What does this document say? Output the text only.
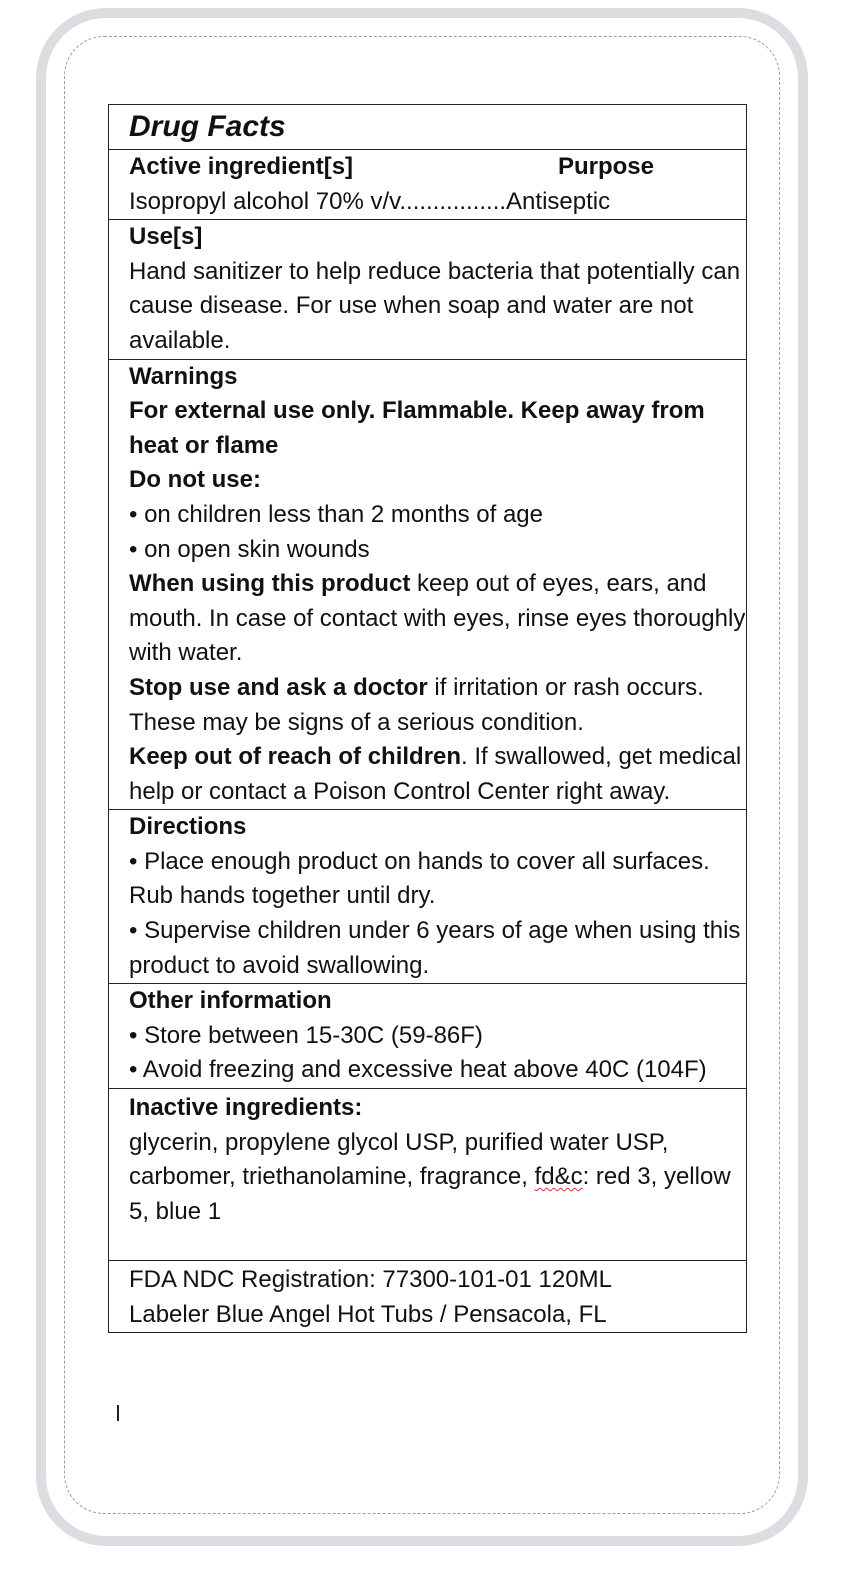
Drug Facts
Active ingredient[s]	Purpose
Isopropyl alcohol 70% v/v................Antiseptic
Use[s]
Hand sanitizer to help reduce bacteria that potentially can cause disease. For use when soap and water are not available.
Warnings
For external use only. Flammable. Keep away from heat or flame
Do not use:
• on children less than 2 months of age
• on open skin wounds
When using this product keep out of eyes, ears, and mouth. In case of contact with eyes, rinse eyes thoroughly with water.
Stop use and ask a doctor if irritation or rash occurs. These may be signs of a serious condition.
Keep out of reach of children. If swallowed, get medical help or contact a Poison Control Center right away.
Directions
• Place enough product on hands to cover all surfaces. Rub hands together until dry.
• Supervise children under 6 years of age when using this product to avoid swallowing.
Other information
• Store between 15-30C (59-86F)
• Avoid freezing and excessive heat above 40C (104F)
Inactive ingredients:
glycerin, propylene glycol USP, purified water USP, carbomer, triethanolamine, fragrance, fd&c: red 3, yellow 5, blue 1
FDA NDC Registration: 77300-101-01 120ML
Labeler Blue Angel Hot Tubs / Pensacola, FL
